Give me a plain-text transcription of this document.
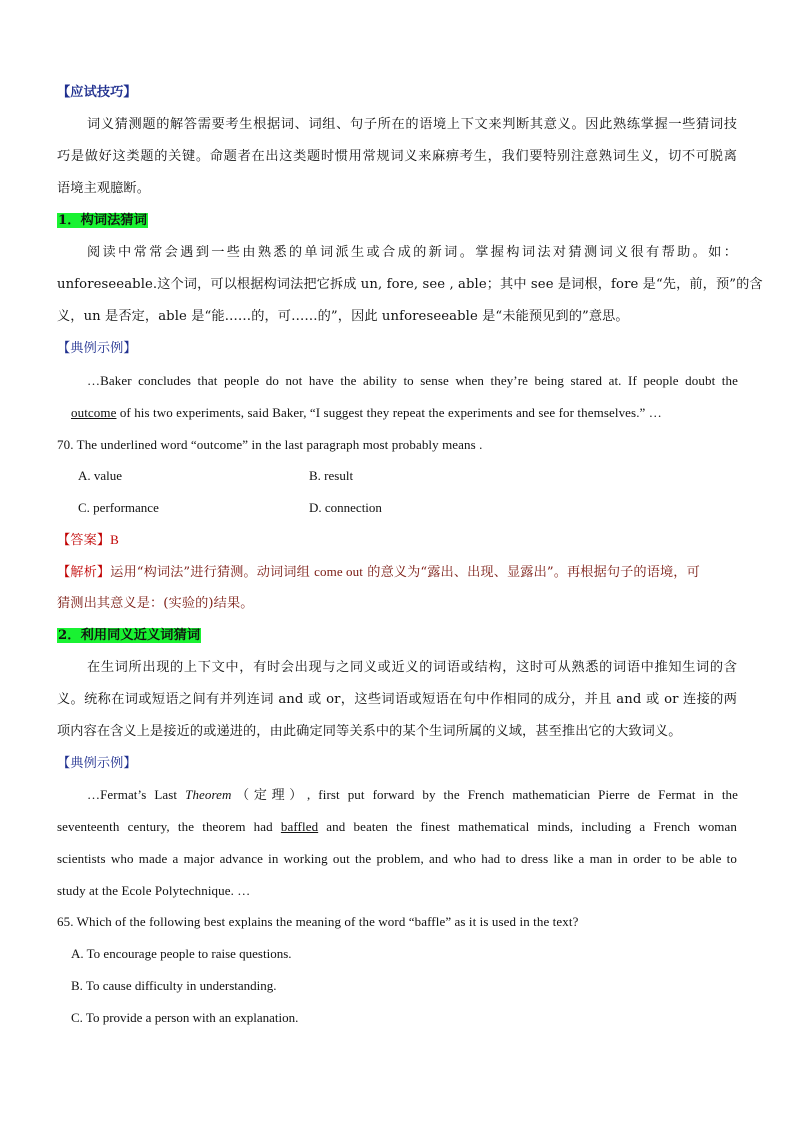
【应试技巧】
词义猜测题的解答需要考生根据词、词组、句子所在的语境上下文来判断其意义。因此熟练掌握一些猜词技
巧是做好这类题的关键。命题者在出这类题时惯用常规词义来麻痹考生，我们要特别注意熟词生义，切不可脱离
语境主观臆断。
1．构词法猜词
阅读中常常会遇到一些由熟悉的单词派生或合成的新词。掌握构词法对猜测词义很有帮助。如：
unforeseeable.这个词，可以根据构词法把它拆成 un, fore, see , able；其中 see 是词根，fore 是“先，前，预”的含
义，un 是否定，able 是“能……的，可……的”，因此 unforeseeable 是“未能预见到的”意思。
【典例示例】
…Baker concludes that people do not have the ability to sense when they’re being stared at. If people doubt the
outcome of his two experiments, said Baker, “I suggest they repeat the experiments and see for themselves.” …
70. The underlined word “outcome” in the last paragraph most probably means .
A. value	B. result
C. performance	D. connection
【答案】B
【解析】运用“构词法”进行猜测。动词词组 come out 的意义为“露出、出现、显露出”。再根据句子的语境，可
猜测出其意义是：(实验的)结果。
2．利用同义近义词猜词
在生词所出现的上下文中，有时会出现与之同义或近义的词语或结构，这时可从熟悉的词语中推知生词的含
义。统称在词或短语之间有并列连词 and 或 or，这些词语或短语在句中作相同的成分，并且 and 或 or 连接的两
项内容在含义上是接近的或递进的，由此确定同等关系中的某个生词所属的义域，甚至推出它的大致词义。
【典例示例】
…Fermat’s Last Theorem（定理）, first put forward by the French mathematician Pierre de Fermat in the
seventeenth century, the theorem had baffled and beaten the finest mathematical minds, including a French woman
scientists who made a major advance in working out the problem, and who had to dress like a man in order to be able to
study at the Ecole Polytechnique. …
65. Which of the following best explains the meaning of the word “baffle” as it is used in the text?
A. To encourage people to raise questions.
B. To cause difficulty in understanding.
C. To provide a person with an explanation.
